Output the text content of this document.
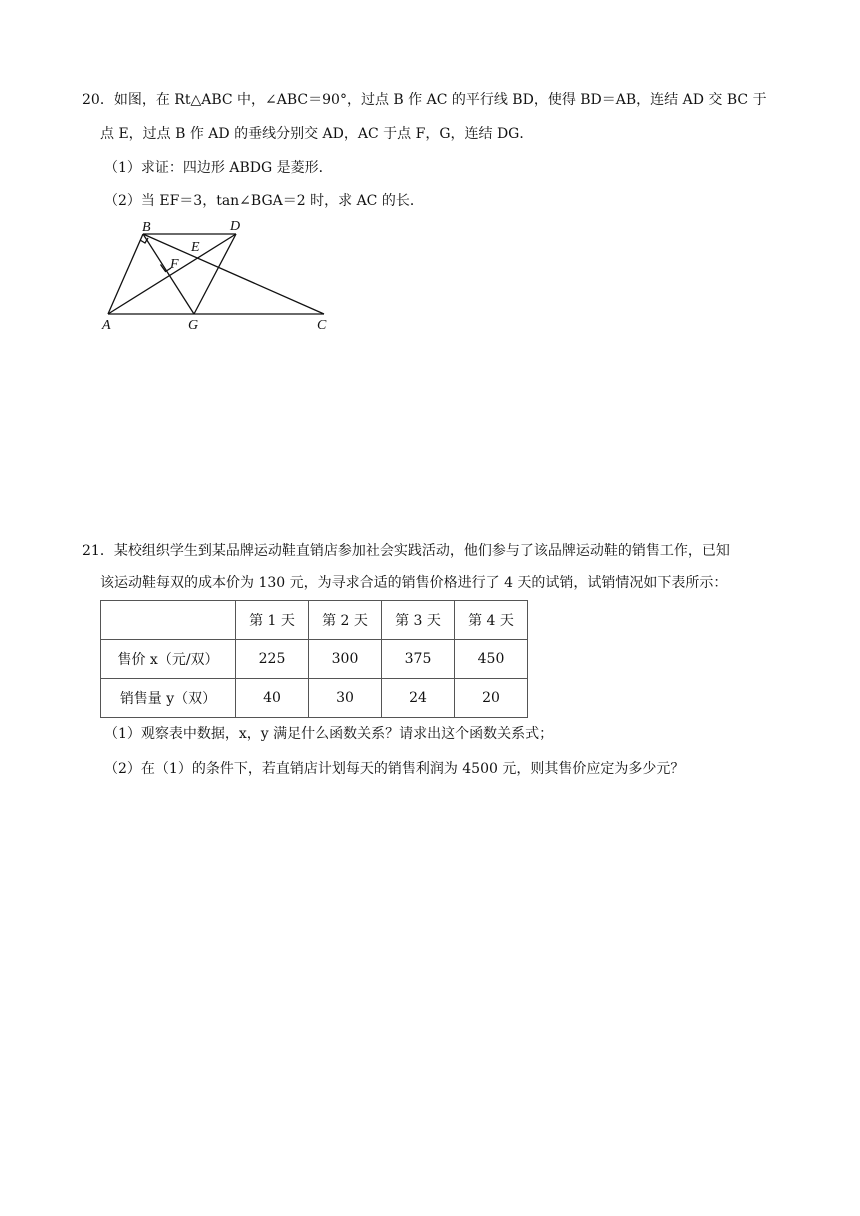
20．如图，在 Rt△ABC 中，∠ABC＝90°，过点 B 作 AC 的平行线 BD，使得 BD＝AB，连结 AD 交 BC 于
点 E，过点 B 作 AD 的垂线分别交 AD，AC 于点 F，G，连结 DG．
（1）求证：四边形 ABDG 是菱形．
（2）当 EF＝3，tan∠BGA＝2 时，求 AC 的长．
B	D
E
F
A	G	C
21．某校组织学生到某品牌运动鞋直销店参加社会实践活动，他们参与了该品牌运动鞋的销售工作，已知
该运动鞋每双的成本价为 130 元，为寻求合适的销售价格进行了 4 天的试销，试销情况如下表所示：
	第 1 天	第 2 天	第 3 天	第 4 天
售价 x（元/双）	225	300	375	450
销售量 y（双）	40	30	24	20
（1）观察表中数据，x，y 满足什么函数关系？请求出这个函数关系式；
（2）在（1）的条件下，若直销店计划每天的销售利润为 4500 元，则其售价应定为多少元？
